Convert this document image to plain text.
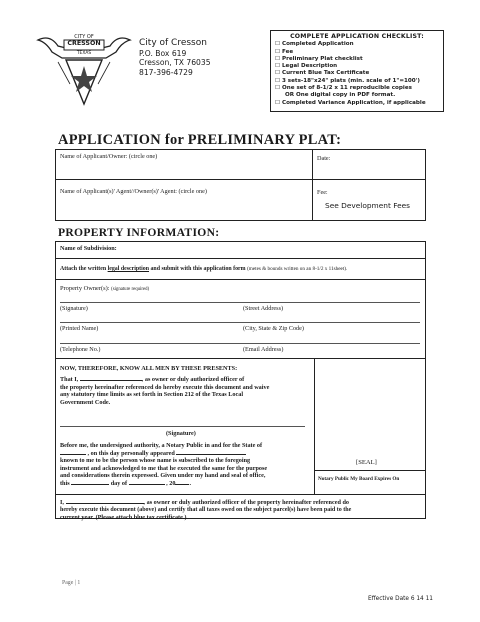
CITY OF
CRESSON
TEXAS
City of Cresson
P.O. Box 619
Cresson, TX 76035
817-396-4729
COMPLETE APPLICATION CHECKLIST:
☐ Completed Application
☐ Fee
☐ Preliminary Plat checklist
☐ Legal Description
☐ Current Blue Tax Certificate
☐ 3 sets-18"x24" plats (min. scale of 1"=100')
☐ One set of 8-1/2 x 11 reproducible copies
OR One digital copy in PDF format.
☐ Completed Variance Application, if applicable
APPLICATION for PRELIMINARY PLAT:
Name of Applicant/Owner: (circle one)	Date:
Name of Applicant(s)' Agent//Owner(s)' Agent: (circle one)	Fee:
See Development Fees
PROPERTY INFORMATION:
Name of Subdivision:
Attach the written legal description and submit with this application form (metes & bounds written on an 8-1/2 x 11sheet).
Property Owner(s): (signature required)
(Signature)	(Street Address)
(Printed Name)	(City, State & Zip Code)
(Telephone No.)	(Email Address)
NOW, THEREFORE, KNOW ALL MEN BY THESE PRESENTS:
That I,	, as owner or duly authorized officer of
the property hereinafter referenced do hereby execute this document and waive
any statutory time limits as set forth in Section 212 of the Texas Local
Government Code.
(Signature)
Before me, the undersigned authority, a Notary Public in and for the State of
, on this day personally appeared
known to me to be the person whose name is subscribed to the foregoing
instrument and acknowledged to me that he executed the same for the purpose
and considerations therein expressed. Given under my hand and seal of office,
this	day of	, 20 .
[SEAL]
Notary Public My Board Expires On
I,	, as owner or duly authorized officer of the property hereinafter referenced do
hereby execute this document (above) and certify that all taxes owed on the subject parcel(s) have been paid to the
current year. (Please attach blue tax certificate.)
Page | 1
Effective Date 6 14 11
